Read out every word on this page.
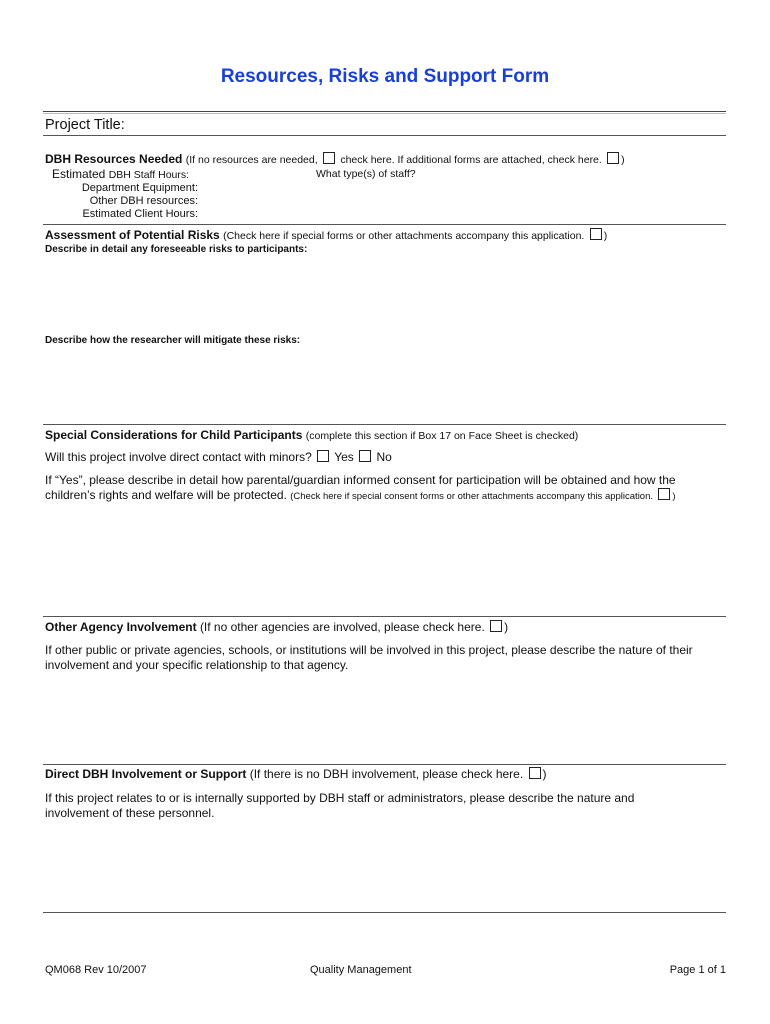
Resources, Risks and Support Form
Project Title:
DBH Resources Needed (If no resources are needed, check here. If additional forms are attached, check here. )
Estimated DBH Staff Hours:	What type(s) of staff?
Department Equipment:
Other DBH resources:
Estimated Client Hours:
Assessment of Potential Risks (Check here if special forms or other attachments accompany this application. )
Describe in detail any foreseeable risks to participants:
Describe how the researcher will mitigate these risks:
Special Considerations for Child Participants (complete this section if Box 17 on Face Sheet is checked)
Will this project involve direct contact with minors? Yes No
If “Yes”, please describe in detail how parental/guardian informed consent for participation will be obtained and how the
children’s rights and welfare will be protected. (Check here if special consent forms or other attachments accompany this application. )
Other Agency Involvement (If no other agencies are involved, please check here. )
If other public or private agencies, schools, or institutions will be involved in this project, please describe the nature of their involvement and your specific relationship to that agency.
Direct DBH Involvement or Support (If there is no DBH involvement, please check here. )
If this project relates to or is internally supported by DBH staff or administrators, please describe the nature and involvement of these personnel.
QM068 Rev 10/2007	Quality Management	Page 1 of 1
